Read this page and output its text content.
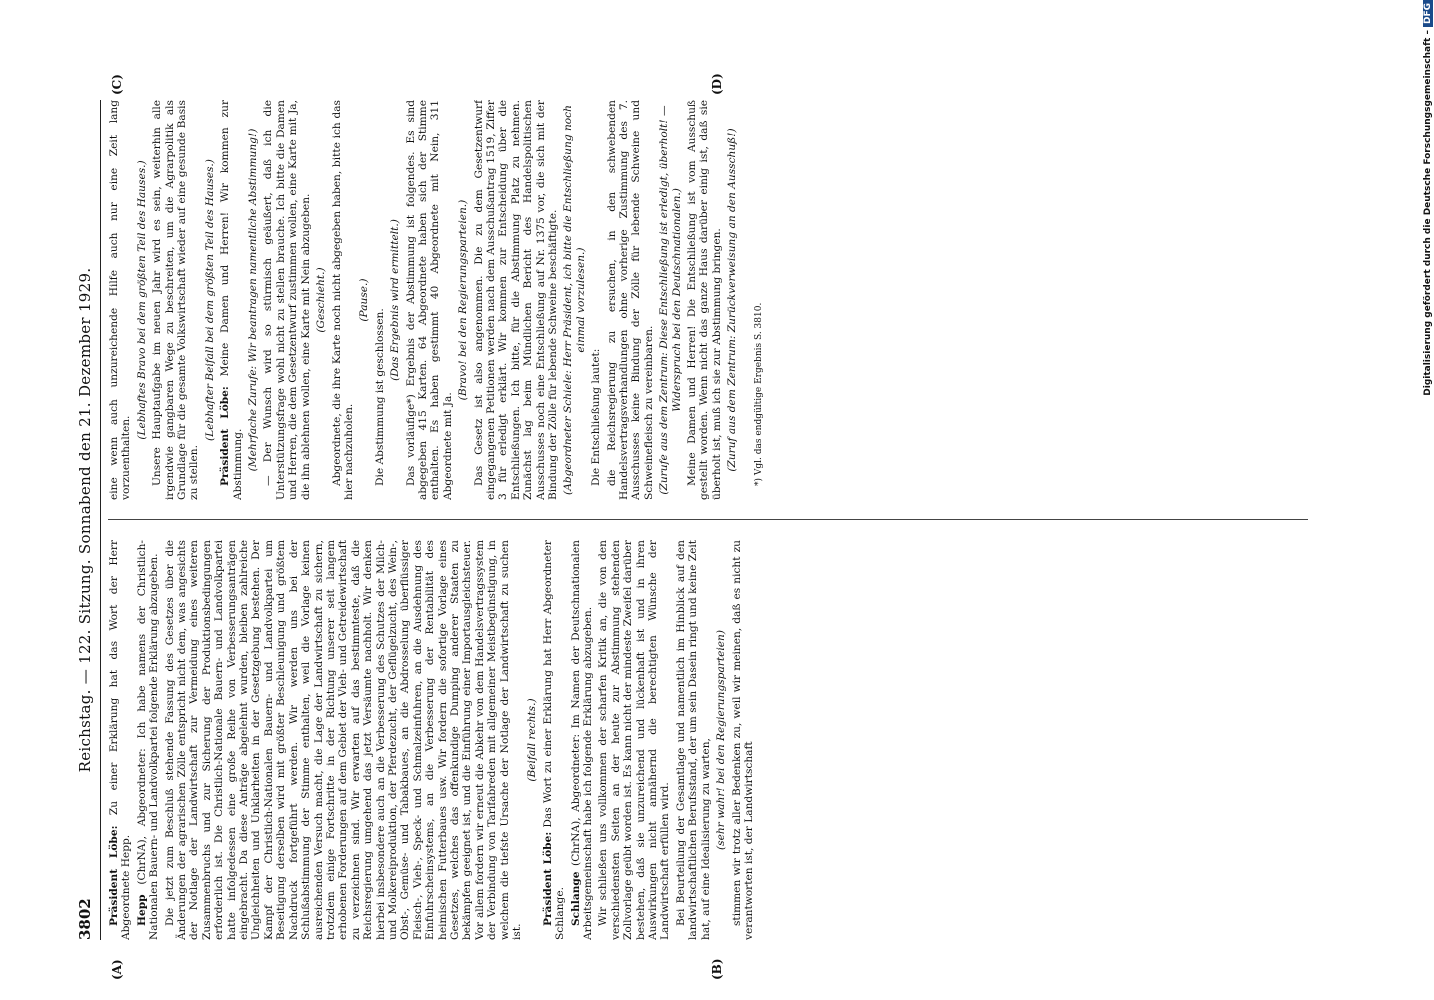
3802
Reichstag. — 122. Sitzung. Sonnabend den 21. Dezember 1929.
(A)	(B)
(C)	(D)

Präsident Löbe: Zu einer Erklärung hat das Wort der Herr Abgeordnete Hepp. Hepp (ChrNA), Abgeordneter: Ich habe namens der Christlich-Nationalen Bauern- und Landvolkpartei folgende Erklärung abzugeben. Die jetzt zum Beschluß stehende Fassung des Gesetzes über die Änderungen der agrarischen Zölle entspricht nicht dem, was angesichts der Notlage der Landwirtschaft zur Vermeidung eines weiteren Zusammenbruchs und zur Sicherung der Produktionsbedingungen erforderlich ist. Die Christlich-Nationale Bauern- und Landvolkpartei hatte infolgedessen eine große Reihe von Verbesserungsanträgen eingebracht. Da diese Anträge abgelehnt wurden, bleiben zahlreiche Ungleichheiten und Unklarheiten in der Gesetzgebung bestehen. Der Kampf der Christlich-Nationalen Bauern- und Landvolkpartei um Beseitigung derselben wird mit größter Beschleunigung und größtem Nachdruck fortgeführt werden. Wir werden uns bei der Schlußabstimmung der Stimme enthalten, weil die Vorlage keinen ausreichenden Versuch macht, die Lage der Landwirtschaft zu sichern, trotzdem einige Fortschritte in der Richtung unserer seit langem erhobenen Forderungen auf dem Gebiet der Vieh- und Getreidewirtschaft zu verzeichnen sind. Wir erwarten auf das bestimmteste, daß die Reichsregierung umgehend das jetzt Versäumte nachholt. Wir denken hierbei insbesondere auch an die Verbesserung des Schutzes der Milch- und Molkereiproduktion, der Pferdezucht, der Geflügelzucht, des Wein-, Obst-, Gemüse- und Tabakbaues, an die Abdrosselung überflüssiger Fleisch-, Vieh-, Speck- und Schmalzeinfuhren, an die Ausdehnung des Einfuhrscheinsystems, an die Verbesserung der Rentabilität des heimischen Futterbaues usw. Wir fordern die sofortige Vorlage eines Gesetzes, welches das offenkundige Dumping anderer Staaten zu bekämpfen geeignet ist, und die Einführung einer Importausgleichsteuer. Vor allem fordern wir erneut die Abkehr von dem Handelsvertragssystem der Verbindung von Tarifabreden mit allgemeiner Meistbegünstigung, in welchem die tiefste Ursache der Notlage der Landwirtschaft zu suchen ist.

(Beifall rechts.)

Präsident Löbe: Das Wort zu einer Erklärung hat Herr Abgeordneter Schlange. Schlange (ChrNA), Abgeordneter: Im Namen der Deutschnationalen Arbeitsgemeinschaft habe ich folgende Erklärung abzugeben. Wir schließen uns vollkommen der scharfen Kritik an, die von den verschiedensten Seiten an der heute zur Abstimmung stehenden Zollvorlage geübt worden ist. Es kann nicht der mindeste Zweifel darüber bestehen, daß sie unzureichend und lückenhaft ist und in ihren Auswirkungen nicht annähernd die berechtigten Wünsche der Landwirtschaft erfüllen wird. Bei Beurteilung der Gesamtlage und namentlich im Hinblick auf den landwirtschaftlichen Berufsstand, der um sein Dasein ringt und keine Zeit hat, auf eine Idealisierung zu warten, (sehr wahr! bei den Regierungsparteien) stimmen wir trotz aller Bedenken zu, weil wir meinen, daß es nicht zu verantworten ist, der Landwirtschaft

eine wenn auch unzureichende Hilfe auch nur eine Zeit lang vorzuenthalten.

(Lebhaftes Bravo bei dem größten Teil des Hauses.) Unsere Hauptaufgabe im neuen Jahr wird es sein, weiterhin alle irgendwie gangbaren Wege zu beschreiten, um die Agrarpolitik als Grundlage für die gesamte Volkswirtschaft wieder auf eine gesunde Basis zu stellen.

(Lebhafter Beifall bei dem größten Teil des Hauses.) Präsident Löbe: Meine Damen und Herren! Wir kommen zur Abstimmung. (Mehrfache Zurufe: Wir beantragen namentliche Abstimmung!) — Der Wunsch wird so stürmisch geäußert, daß ich die Unterstützungsfrage wohl nicht zu stellen brauche. Ich bitte die Damen und Herren, die dem Gesetzentwurf zustimmen wollen, eine Karte mit Ja, die ihn ablehnen wollen, eine Karte mit Nein abzugeben. (Geschieht.) Abgeordnete, die ihre Karte noch nicht abgegeben haben, bitte ich das hier nachzuholen.

(Pause.)

Die Abstimmung ist geschlossen.

(Das Ergebnis wird ermittelt.) Das vorläufige*) Ergebnis der Abstimmung ist folgendes. Es sind abgegeben 415 Karten. 64 Abgeordnete haben sich der Stimme enthalten. Es haben gestimmt 40 Abgeordnete mit Nein, 311 Abgeordnete mit Ja.

(Bravo! bei den Regierungsparteien.) Das Gesetz ist also angenommen. Die zu dem Gesetzentwurf eingegangenen Petitionen werden nach dem Ausschußantrag 1519, Ziffer 3 für erledigt erklärt. Wir kommen zur Entscheidung über die Entschließungen. Ich bitte, für die Abstimmung Platz zu nehmen. Zunächst lag beim Mündlichen Bericht des Handelspolitischen Ausschusses noch eine Entschließung auf Nr. 1375 vor, die sich mit der Bindung der Zölle für lebende Schweine beschäftigte. (Abgeordneter Schiele: Herr Präsident, ich bitte die Entschließung noch einmal vorzulesen.)

Die Entschließung lautet: die Reichsregierung zu ersuchen, in den schwebenden Handelsvertragsverhandlungen ohne vorherige Zustimmung des 7. Ausschusses keine Bindung der Zölle für lebende Schweine und Schweinefleisch zu vereinbaren. (Zurufe aus dem Zentrum: Diese Entschließung ist erledigt, überholt! — Widerspruch bei den Deutschnationalen.) Meine Damen und Herren! Die Entschließung ist vom Ausschuß gestellt worden. Wenn nicht das ganze Haus darüber einig ist, daß sie überholt ist, muß ich sie zur Abstimmung bringen. (Zuruf aus dem Zentrum: Zurückverweisung an den Ausschuß!) *) Vgl. das endgültige Ergebnis S. 3810.	Digitalisierung gefördert durch die Deutsche Forschungsgemeinschaft –DFG
